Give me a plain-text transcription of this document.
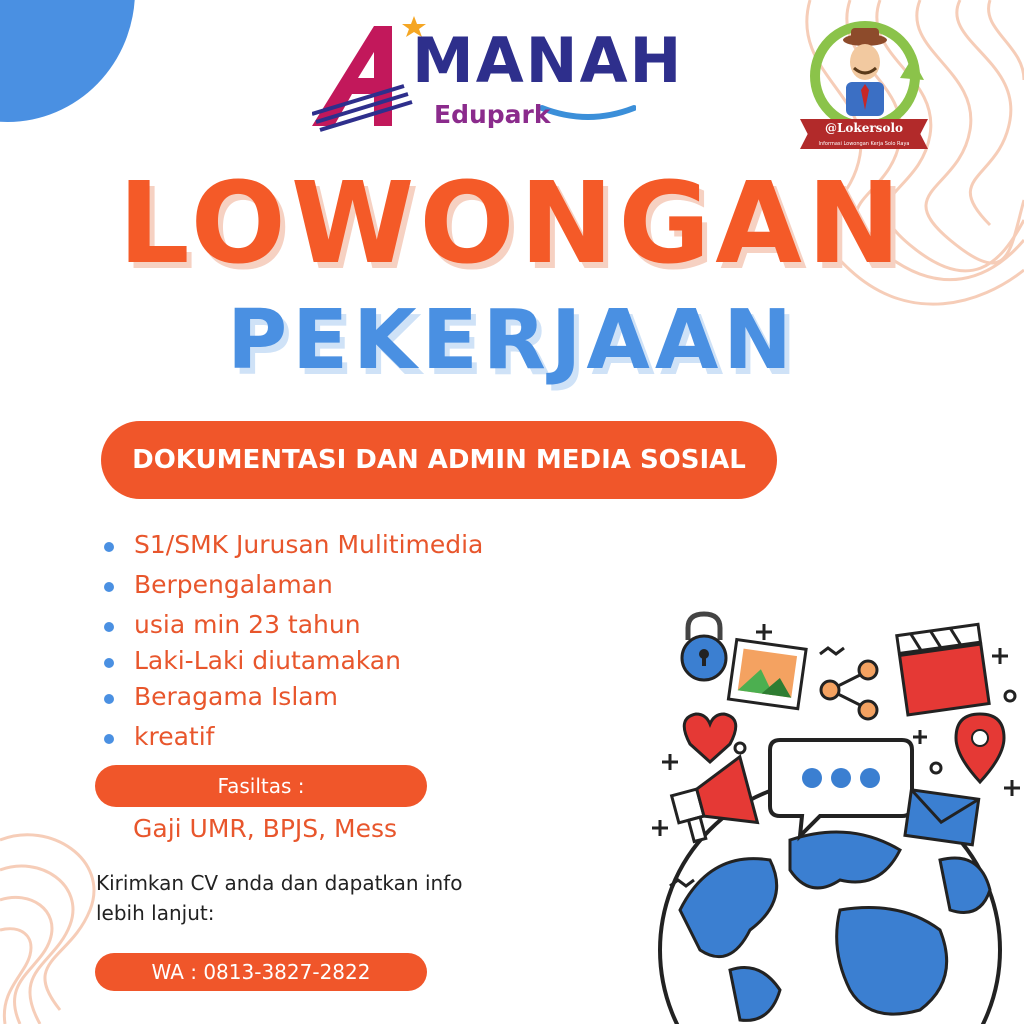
MANAH
Edupark	@Lokersolo
Informasi Lowongan Kerja Solo Raya
LOWONGAN
PEKERJAAN
DOKUMENTASI DAN ADMIN MEDIA SOSIAL
S1/SMK Jurusan Mulitimedia
Berpengalaman
usia min 23 tahun
Laki-Laki diutamakan
Beragama Islam
kreatif
Fasiltas :
Gaji UMR, BPJS, Mess
Kirimkan CV anda dan dapatkan info lebih lanjut:
WA : 0813-3827-2822
